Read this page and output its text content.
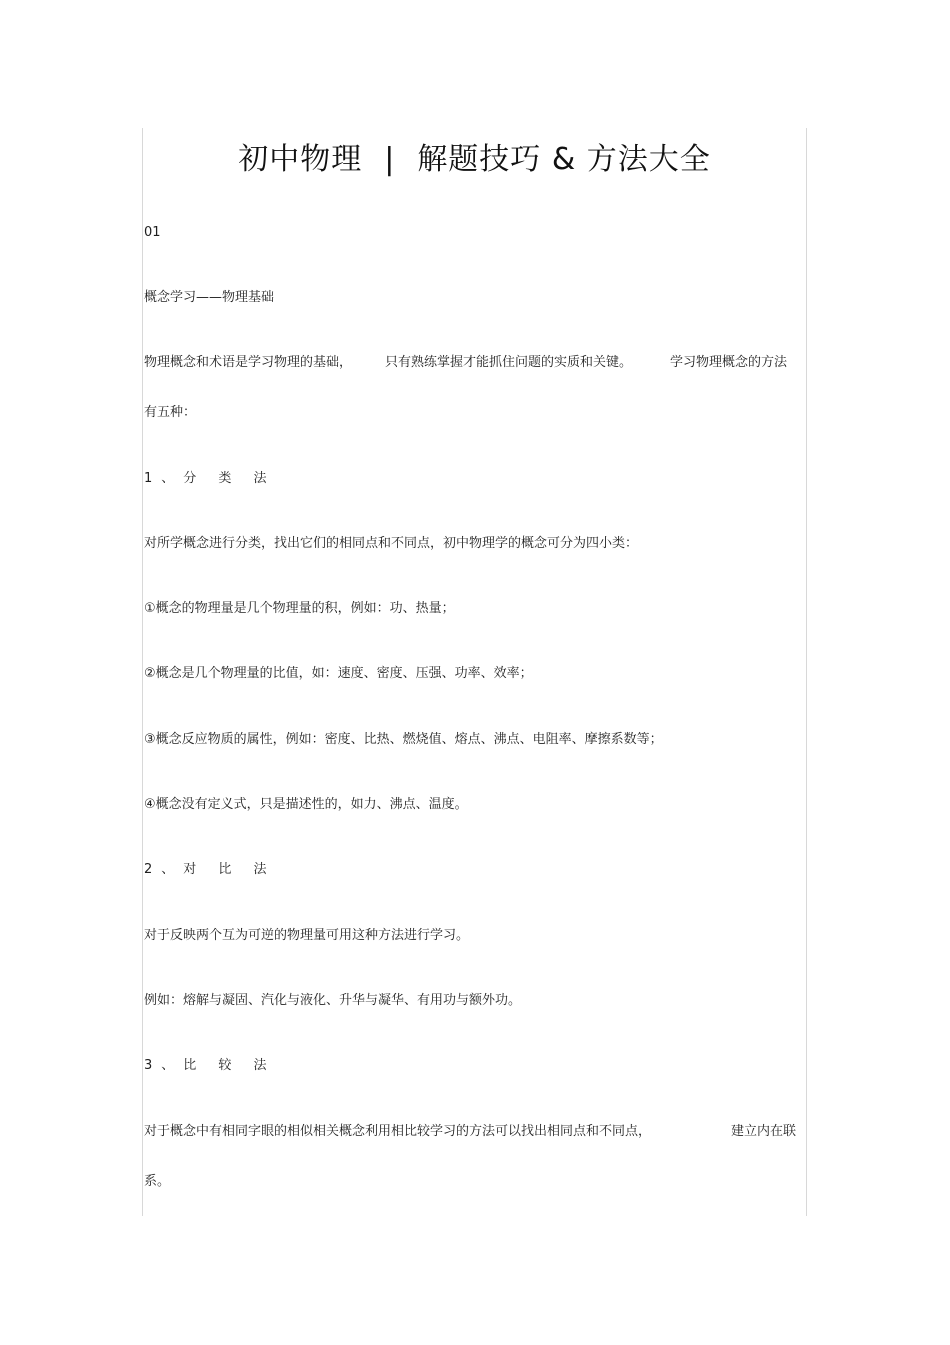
初中物理 | 解题技巧 & 方法大全
01
概念学习——物理基础
物理概念和术语是学习物理的基础，	只有熟练掌握才能抓住问题的实质和关键。	学习物理概念的方法
有五种：
1、分 类 法
对所学概念进行分类，找出它们的相同点和不同点，初中物理学的概念可分为四小类：
①概念的物理量是几个物理量的积，例如：功、热量；
②概念是几个物理量的比值，如：速度、密度、压强、功率、效率；
③概念反应物质的属性，例如：密度、比热、燃烧值、熔点、沸点、电阻率、摩擦系数等；
④概念没有定义式，只是描述性的，如力、沸点、温度。
2、对 比 法
对于反映两个互为可逆的物理量可用这种方法进行学习。
例如：熔解与凝固、汽化与液化、升华与凝华、有用功与额外功。
3、比 较 法
对于概念中有相同字眼的相似相关概念利用相比较学习的方法可以找出相同点和不同点，	建立内在联
系。
